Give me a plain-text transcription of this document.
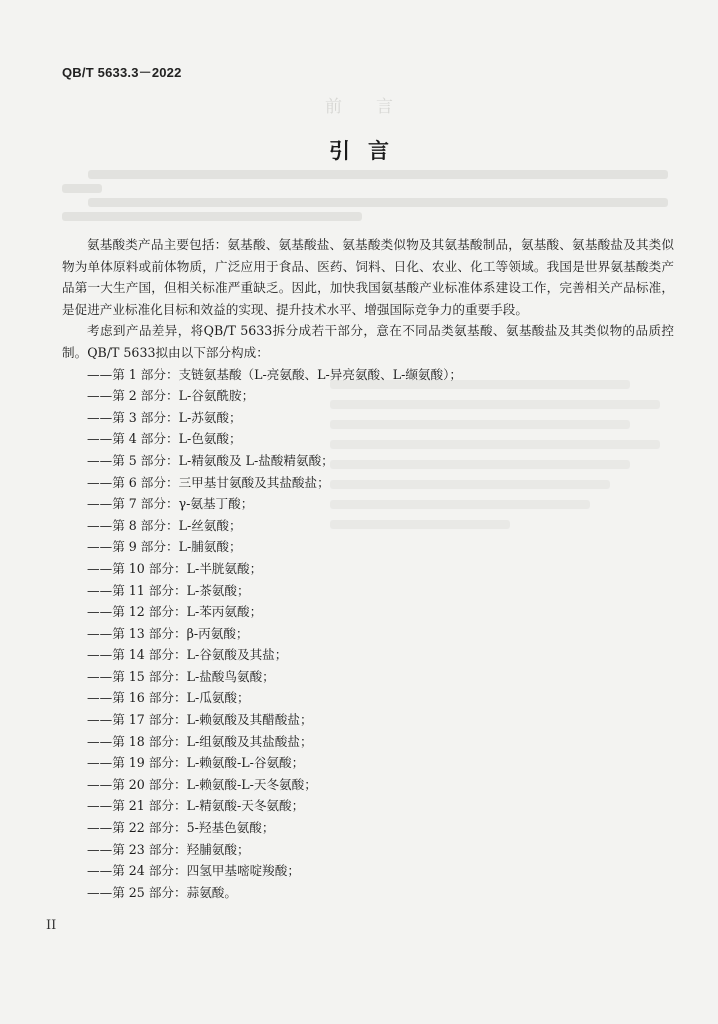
QB/T 5633.3－2022
前言
引言

氨基酸类产品主要包括：氨基酸、氨基酸盐、氨基酸类似物及其氨基酸制品，氨基酸、氨基酸盐及其类似物为单体原料或前体物质，广泛应用于食品、医药、饲料、日化、农业、化工等领域。我国是世界氨基酸类产品第一大生产国，但相关标准严重缺乏。因此，加快我国氨基酸产业标准体系建设工作，完善相关产品标准，是促进产业标准化目标和效益的实现、提升技术水平、增强国际竞争力的重要手段。

考虑到产品差异，将QB/T 5633拆分成若干部分，意在不同品类氨基酸、氨基酸盐及其类似物的品质控制。QB/T 5633拟由以下部分构成：

——第 1 部分：支链氨基酸（L-亮氨酸、L-异亮氨酸、L-缬氨酸）；
——第 2 部分：L-谷氨酰胺；
——第 3 部分：L-苏氨酸；
——第 4 部分：L-色氨酸；
——第 5 部分：L-精氨酸及 L-盐酸精氨酸；
——第 6 部分：三甲基甘氨酸及其盐酸盐；
——第 7 部分：γ-氨基丁酸；
——第 8 部分：L-丝氨酸；
——第 9 部分：L-脯氨酸；
——第 10 部分：L-半胱氨酸；
——第 11 部分：L-茶氨酸；
——第 12 部分：L-苯丙氨酸；
——第 13 部分：β-丙氨酸；
——第 14 部分：L-谷氨酸及其盐；
——第 15 部分：L-盐酸鸟氨酸；
——第 16 部分：L-瓜氨酸；
——第 17 部分：L-赖氨酸及其醋酸盐；
——第 18 部分：L-组氨酸及其盐酸盐；
——第 19 部分：L-赖氨酸-L-谷氨酸；
——第 20 部分：L-赖氨酸-L-天冬氨酸；
——第 21 部分：L-精氨酸-天冬氨酸；
——第 22 部分：5-羟基色氨酸；
——第 23 部分：羟脯氨酸；
——第 24 部分：四氢甲基嘧啶羧酸；
——第 25 部分：蒜氨酸。
II
